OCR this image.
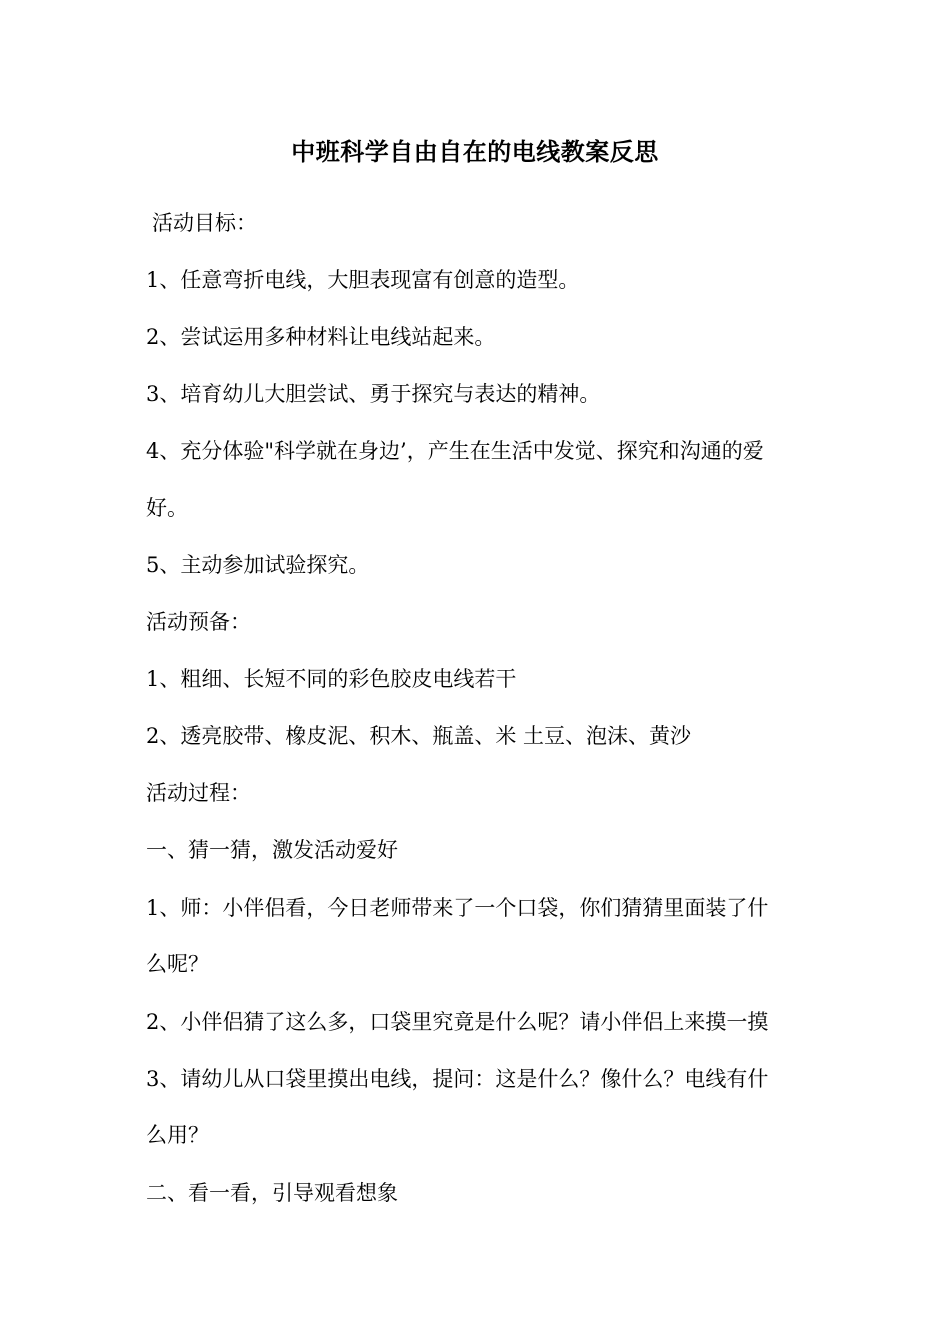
中班科学自由自在的电线教案反思
活动目标：
1、任意弯折电线，大胆表现富有创意的造型。
2、尝试运用多种材料让电线站起来。
3、培育幼儿大胆尝试、勇于探究与表达的精神。
4、充分体验"科学就在身边’，产生在生活中发觉、探究和沟通的爱
好。
5、主动参加试验探究。
活动预备：
1、粗细、长短不同的彩色胶皮电线若干
2、透亮胶带、橡皮泥、积木、瓶盖、米 土豆、泡沫、黄沙
活动过程：
一、猜一猜，激发活动爱好
1、师：小伴侣看，今日老师带来了一个口袋，你们猜猜里面装了什
么呢？
2、小伴侣猜了这么多，口袋里究竟是什么呢？请小伴侣上来摸一摸
3、请幼儿从口袋里摸出电线，提问：这是什么？像什么？电线有什
么用？
二、看一看，引导观看想象
